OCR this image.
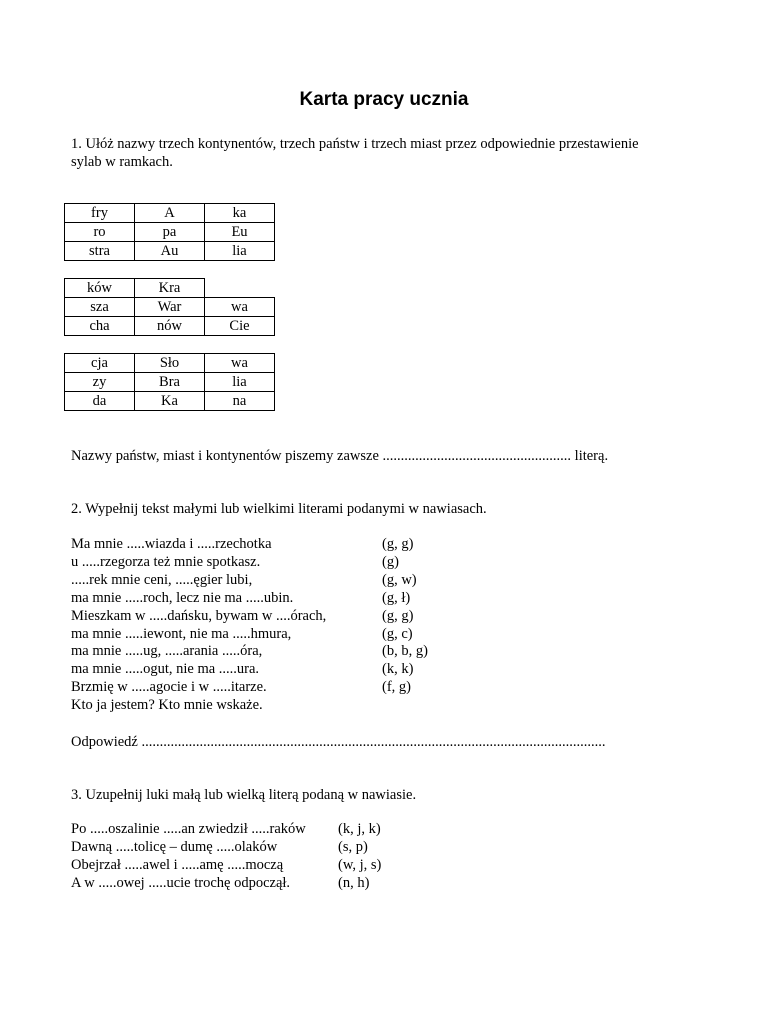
Karta pracy ucznia
1. Ułóż nazwy trzech kontynentów, trzech państw i trzech miast przez odpowiednie przestawienie
sylab w ramkach.
fry	A	ka
ro	pa	Eu
stra	Au	lia
ków	Kra	
sza	War	wa
cha	nów	Cie
cja	Sło	wa
zy	Bra	lia
da	Ka	na
Nazwy państw, miast i kontynentów piszemy zawsze .................................................... literą.
2. Wypełnij tekst małymi lub wielkimi literami podanymi w nawiasach.
Ma mnie .....wiazda i .....rzechotka	(g, g)
u .....rzegorza też mnie spotkasz.	(g)
.....rek mnie ceni, .....ęgier lubi,	(g, w)
ma mnie .....roch, lecz nie ma .....ubin.	(g, ł)
Mieszkam w .....dańsku, bywam w ....órach,	(g, g)
ma mnie .....iewont, nie ma .....hmura,	(g, c)
ma mnie .....ug, .....arania .....óra,	(b, b, g)
ma mnie .....ogut, nie ma .....ura.	(k, k)
Brzmię w .....agocie i w .....itarze.	(f, g)
Kto ja jestem? Kto mnie wskaże.
Odpowiedź ................................................................................................................................
3. Uzupełnij luki małą lub wielką literą podaną w nawiasie.
Po .....oszalinie .....an zwiedził .....raków	(k, j, k)
Dawną .....tolicę – dumę .....olaków	(s, p)
Obejrzał .....awel i .....amę .....moczą	(w, j, s)
A w .....owej .....ucie trochę odpoczął.	(n, h)
